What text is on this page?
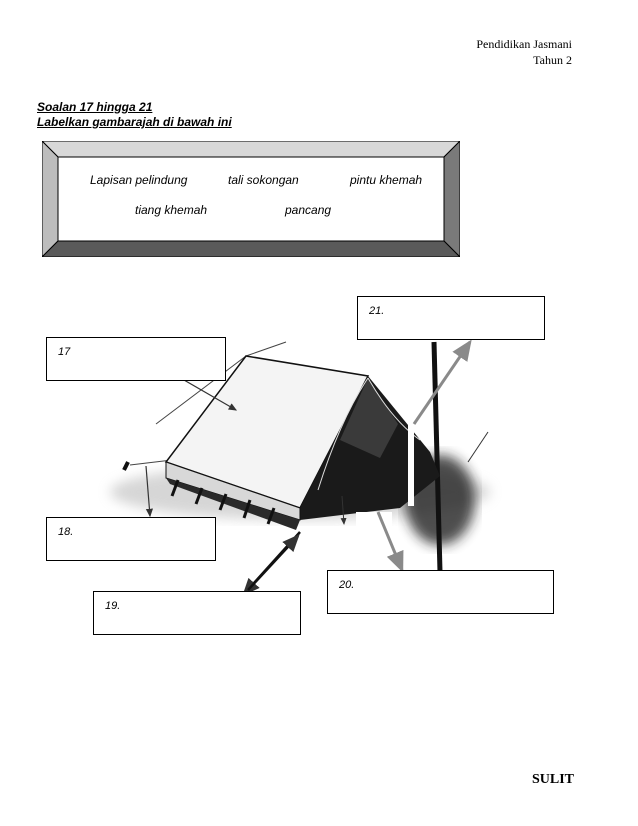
Pendidikan Jasmani
Tahun 2
Soalan 17 hingga 21
Labelkan gambarajah di bawah ini
Lapisan pelindung	tali sokongan	pintu khemah
tiang khemah	pancang
17
21.
18.
19.
20.
SULIT
